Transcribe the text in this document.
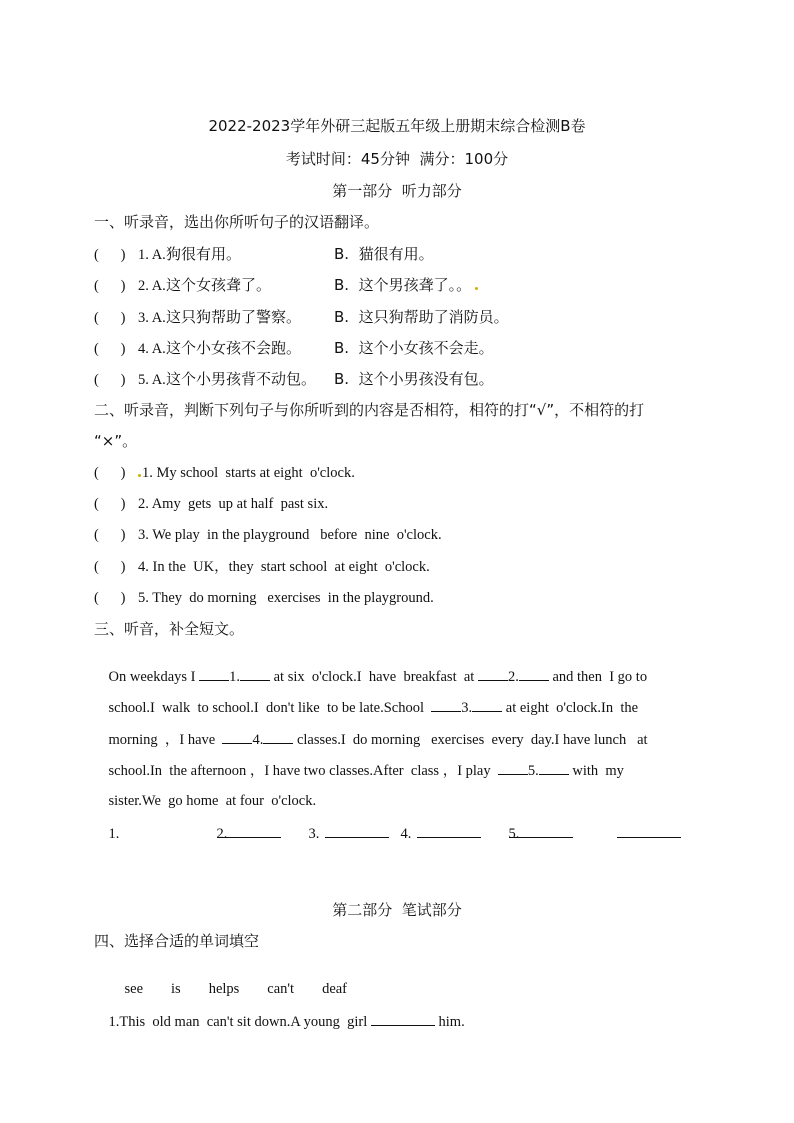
2022-2023学年外研三起版五年级上册期末综合检测B卷
考试时间：45分钟  满分：100分
第一部分  听力部分
一、听录音，选出你所听句子的汉语翻译。
(      ) 1. A. 狗很有用。	B.  猫很有用。
(      ) 2. A. 这个女孩聋了。	B.  这个男孩聋了。。
(      ) 3. A. 这只狗帮助了警察。	B.  这只狗帮助了消防员。
(      ) 4. A. 这个小女孩不会跑。	B.  这个小女孩不会走。
(      ) 5. A. 这个小男孩背不动包。	B.  这个小男孩没有包。
二、听录音，判断下列句子与你所听到的内容是否相符，相符的打“√”，不相符的打
“×”。
(      )	1. My school  starts at eight  o'clock.
(      ) 2. Amy  gets  up at half  past six.
(      ) 3. We play  in the playground   before  nine  o'clock.
(      ) 4. In the  UK，they  start school  at eight  o'clock.
(      ) 5. They  do morning   exercises  in the playground.
三、听音，补全短文。

On weekdays I 1. at six  o'clock.I  have  breakfast  at 2. and then  I go to

school.I  walk  to school.I  don't like  to be late.School  3. at eight  o'clock.In  the

morning  ，I have  4. classes.I  do morning   exercises  every  day.I have lunch   at

school.In  the afternoon ，I have two classes.After  class ，I play  5. with  my

sister.We  go home  at four  o'clock.

1.	2.	3.	4.	5.

第二部分  笔试部分
四、选择合适的单词填空

see is helps can't deaf

1.This  old man  can't sit down.A young  girl	him.
